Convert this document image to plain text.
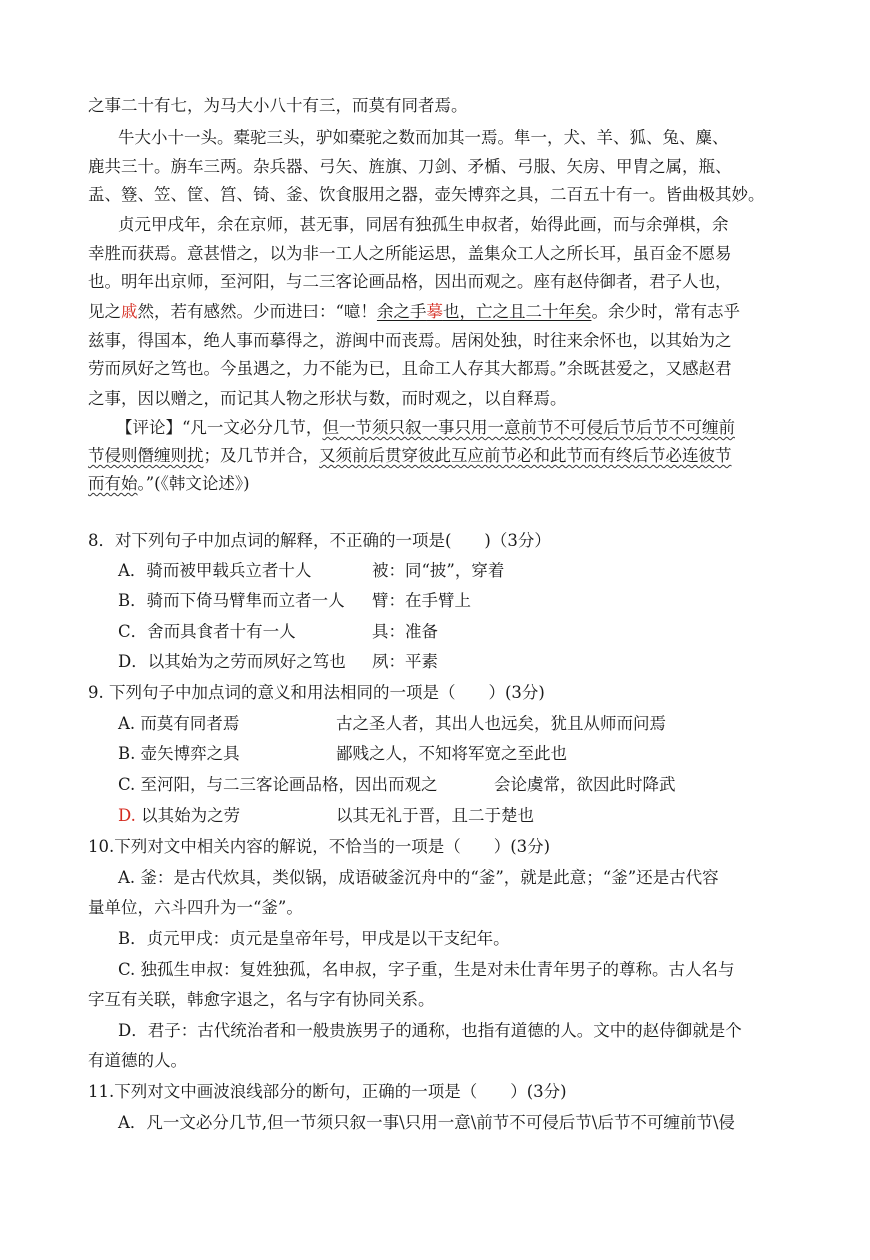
之事二十有七，为马大小八十有三，而莫有同者焉。
牛大小十一头。橐驼三头，驴如橐驼之数而加其一焉。隼一，犬、羊、狐、兔、麋、
鹿共三十。旃车三两。杂兵器、弓矢、旌旗、刀剑、矛楯、弓服、矢房、甲胄之属，瓶、
盂、簦、笠、筐、筥、锜、釜、饮食服用之器，壶矢博弈之具，二百五十有一。皆曲极其妙。
贞元甲戌年，余在京师，甚无事，同居有独孤生申叔者，始得此画，而与余弹棋，余
幸胜而获焉。意甚惜之，以为非一工人之所能运思，盖集众工人之所长耳，虽百金不愿易
也。明年出京师，至河阳，与二三客论画品格，因出而观之。座有赵侍御者，君子人也，
见之戚然，若有感然。少而进曰：“噫！余之手摹也，亡之且二十年矣。余少时，常有志乎
兹事，得国本，绝人事而摹得之，游闽中而丧焉。居闲处独，时往来余怀也，以其始为之
劳而夙好之笃也。今虽遇之，力不能为已，且命工人存其大都焉。”余既甚爱之，又感赵君
之事，因以赠之，而记其人物之形状与数，而时观之，以自释焉。
【评论】“凡一文必分几节，但一节须只叙一事只用一意前节不可侵后节后节不可缠前
节侵则僭缠则扰；及几节并合，又须前后贯穿彼此互应前节必和此节而有终后节必连彼节
而有始。”(《韩文论述》)
8．对下列句子中加点词的解释，不正确的一项是(　　)（3分）
A．骑而被甲载兵立者十人	被：同“披”，穿着
B．骑而下倚马臂隼而立者一人 臂：在手臂上
C．舍而具食者十有一人	具：准备
D．以其始为之劳而夙好之笃也 夙：平素
9. 下列句子中加点词的意义和用法相同的一项是（　　）(3分)
A. 而莫有同者焉	古之圣人者，其出人也远矣，犹且从师而问焉
B. 壶矢博弈之具	鄙贱之人，不知将军宽之至此也
C. 至河阳，与二三客论画品格，因出而观之	会论虞常，欲因此时降武
D. 以其始为之劳	以其无礼于晋，且二于楚也
10.下列对文中相关内容的解说，不恰当的一项是（　　）(3分)
A. 釜：是古代炊具，类似锅，成语破釜沉舟中的“釜”，就是此意；“釜”还是古代容
量单位，六斗四升为一“釜”。
B．贞元甲戌：贞元是皇帝年号，甲戌是以干支纪年。
C. 独孤生申叔：复姓独孤，名申叔，字子重，生是对未仕青年男子的尊称。古人名与
字互有关联，韩愈字退之，名与字有协同关系。
D．君子：古代统治者和一般贵族男子的通称，也指有道德的人。文中的赵侍御就是个
有道德的人。
11.下列对文中画波浪线部分的断句，正确的一项是（　　）(3分)
A．凡一文必分几节,但一节须只叙一事\只用一意\前节不可侵后节\后节不可缠前节\侵
